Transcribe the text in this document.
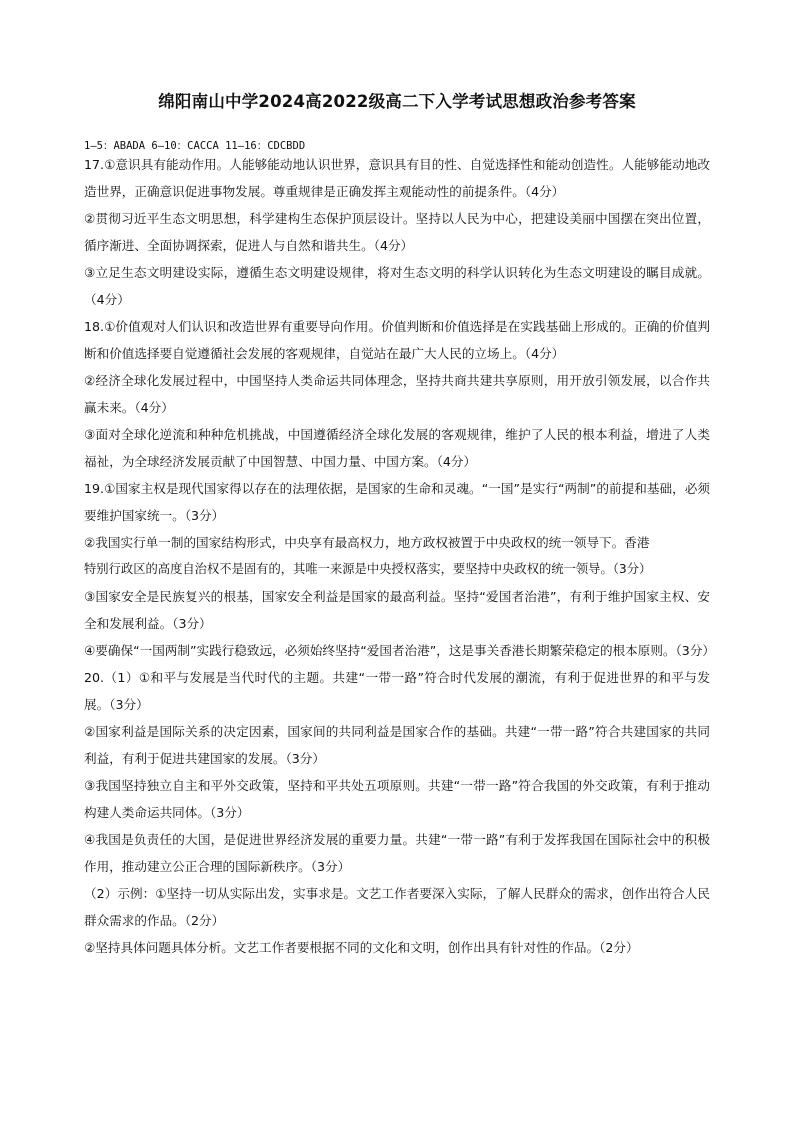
绵阳南山中学2024高2022级高二下入学考试思想政治参考答案
1—5：ABADA 6—10：CACCA 11—16：CDCBDD

17.①意识具有能动作用。人能够能动地认识世界，意识具有目的性、自觉选择性和能动创造性。人能够能动地改造世界，正确意识促进事物发展。尊重规律是正确发挥主观能动性的前提条件。（4分）

②贯彻习近平生态文明思想，科学建构生态保护顶层设计。坚持以人民为中心，把建设美丽中国摆在突出位置，循序渐进、全面协调探索，促进人与自然和谐共生。（4分）

③立足生态文明建设实际，遵循生态文明建设规律，将对生态文明的科学认识转化为生态文明建设的瞩目成就。（4分）

18.①价值观对人们认识和改造世界有重要导向作用。价值判断和价值选择是在实践基础上形成的。正确的价值判断和价值选择要自觉遵循社会发展的客观规律，自觉站在最广大人民的立场上。（4分）

②经济全球化发展过程中，中国坚持人类命运共同体理念，坚持共商共建共享原则，用开放引领发展，以合作共赢未来。（4分）

③面对全球化逆流和种种危机挑战，中国遵循经济全球化发展的客观规律，维护了人民的根本利益，增进了人类福祉，为全球经济发展贡献了中国智慧、中国力量、中国方案。（4分）

19.①国家主权是现代国家得以存在的法理依据，是国家的生命和灵魂。“一国”是实行“两制”的前提和基础，必须要维护国家统一。（3分）

②我国实行单一制的国家结构形式，中央享有最高权力，地方政权被置于中央政权的统一领导下。香港

特别行政区的高度自治权不是固有的，其唯一来源是中央授权落实，要坚持中央政权的统一领导。（3分）

③国家安全是民族复兴的根基，国家安全利益是国家的最高利益。坚持“爱国者治港”，有利于维护国家主权、安全和发展利益。（3分）

④要确保“一国两制”实践行稳致远，必须始终坚持“爱国者治港”，这是事关香港长期繁荣稳定的根本原则。（3分）

20.（1）①和平与发展是当代时代的主题。共建“一带一路”符合时代发展的潮流，有利于促进世界的和平与发展。（3分）

②国家利益是国际关系的决定因素，国家间的共同利益是国家合作的基础。共建“一带一路”符合共建国家的共同利益，有利于促进共建国家的发展。（3分）

③我国坚持独立自主和平外交政策，坚持和平共处五项原则。共建“一带一路”符合我国的外交政策，有利于推动构建人类命运共同体。（3分）

④我国是负责任的大国，是促进世界经济发展的重要力量。共建“一带一路”有利于发挥我国在国际社会中的积极作用，推动建立公正合理的国际新秩序。（3分）

（2）示例：①坚持一切从实际出发，实事求是。文艺工作者要深入实际，了解人民群众的需求，创作出符合人民群众需求的作品。（2分）

②坚持具体问题具体分析。文艺工作者要根据不同的文化和文明，创作出具有针对性的作品。（2分）
